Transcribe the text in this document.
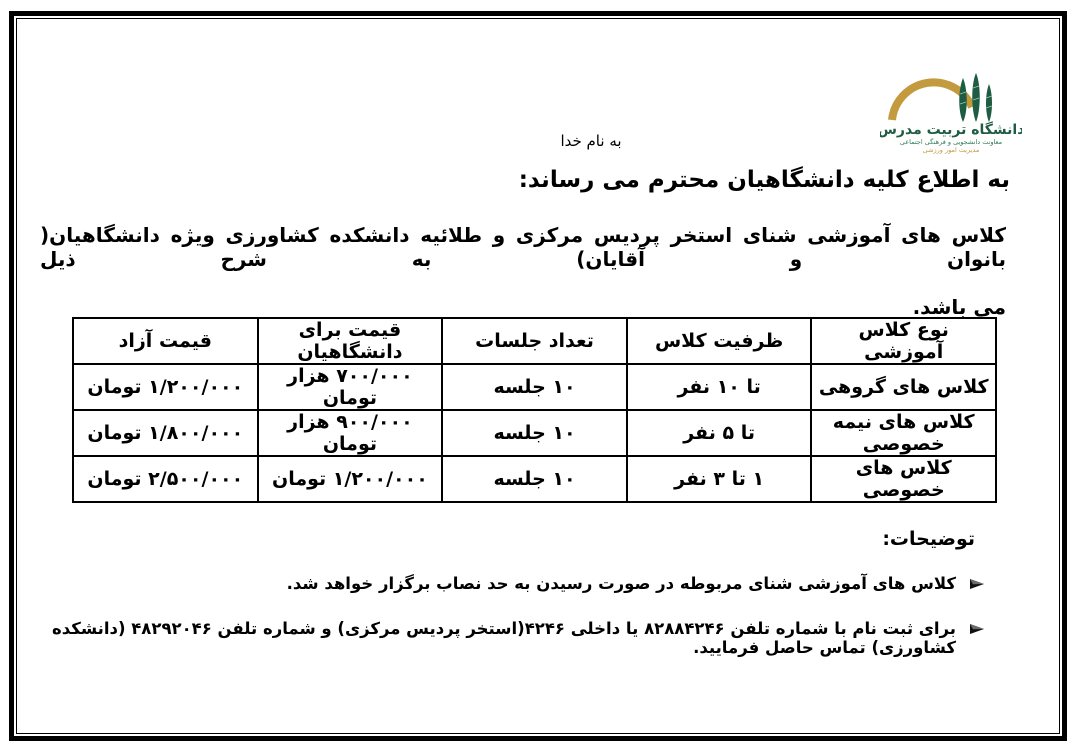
دانشگاه تربیت مدرس
معاونت دانشجویی و فرهنگی اجتماعی
مدیریت امور ورزشی
به نام خدا
به اطلاع کلیه دانشگاهیان محترم می رساند:
کلاس های آموزشی شنای استخر پردیس مرکزی و طلائیه دانشکده کشاورزی ویژه دانشگاهیان( بانوان و آقایان) به شرح ذیل
می باشد.
نوع کلاس آموزشی	ظرفیت کلاس	تعداد جلسات	قیمت برای دانشگاهیان	قیمت آزاد
کلاس های گروهی	تا ۱۰ نفر	۱۰ جلسه	۷۰۰/۰۰۰ هزار تومان	۱/۲۰۰/۰۰۰ تومان
کلاس های نیمه خصوصی	تا ۵ نفر	۱۰ جلسه	۹۰۰/۰۰۰ هزار تومان	۱/۸۰۰/۰۰۰ تومان
کلاس های خصوصی	۱ تا ۳ نفر	۱۰ جلسه	۱/۲۰۰/۰۰۰ تومان	۲/۵۰۰/۰۰۰ تومان
توضیحات:
کلاس های آموزشی شنای مربوطه در صورت رسیدن به حد نصاب برگزار خواهد شد.
برای ثبت نام با شماره تلفن ۸۲۸۸۴۲۴۶ یا داخلی ۴۲۴۶(استخر پردیس مرکزی) و شماره تلفن ۴۸۲۹۲۰۴۶ (دانشکده کشاورزی) تماس حاصل فرمایید.
